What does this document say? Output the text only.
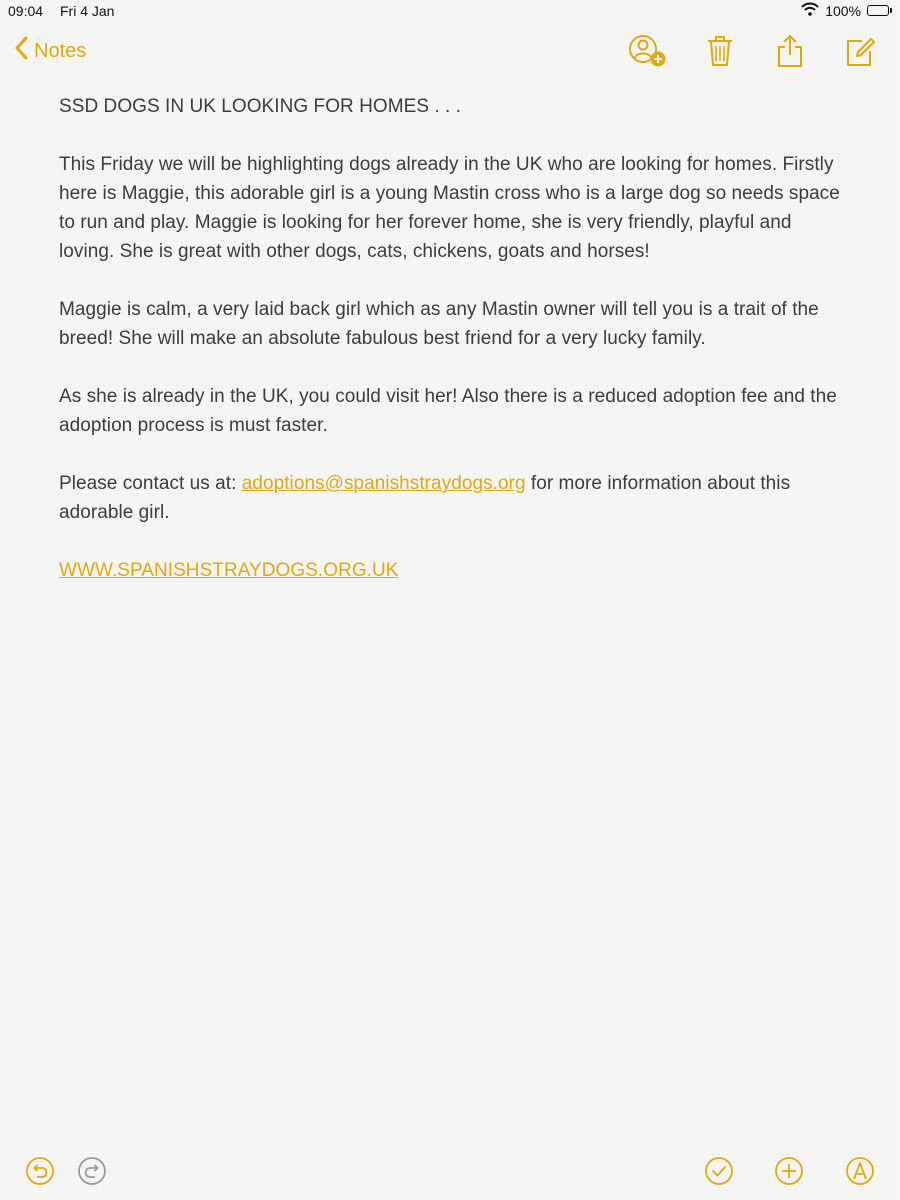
09:04 Fri 4 Jan	100%
Notes

SSD DOGS IN UK LOOKING FOR HOMES . . .

This Friday we will be highlighting dogs already in the UK who are looking for homes. Firstly here is Maggie, this adorable girl is a young Mastin cross who is a large dog so needs space to run and play. Maggie is looking for her forever home, she is very friendly, playful and loving. She is great with other dogs, cats, chickens, goats and horses!

Maggie is calm, a very laid back girl which as any Mastin owner will tell you is a trait of the breed! She will make an absolute fabulous best friend for a very lucky family.

As she is already in the UK, you could visit her! Also there is a reduced adoption fee and the adoption process is must faster.

Please contact us at: adoptions@spanishstraydogs.org for more information about this adorable girl.

WWW.SPANISHSTRAYDOGS.ORG.UK
